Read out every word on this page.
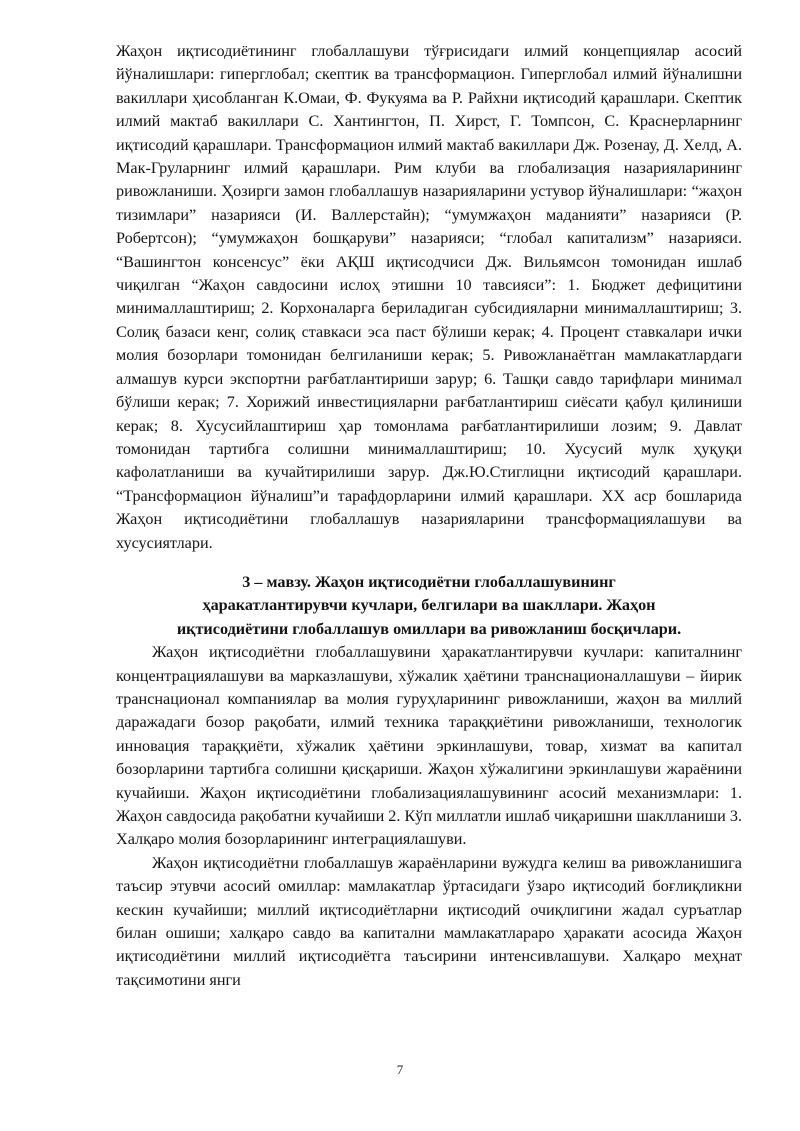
Жаҳон иқтисодиётининг глобаллашуви тўғрисидаги илмий концепциялар асосий йўналишлари: гиперглобал; скептик ва трансформацион. Гиперглобал илмий йўналишни вакиллари ҳисобланган К.Омаи, Ф. Фукуяма ва Р. Райхни иқтисодий қарашлари. Скептик илмий мактаб вакиллари С. Хантингтон, П. Хирст, Г. Томпсон, С. Краснерларнинг иқтисодий қарашлари. Трансформацион илмий мактаб вакиллари Дж. Розенау, Д. Хелд, А. Мак-Груларнинг илмий қарашлари. Рим клуби ва глобализация назарияларининг ривожланиши. Ҳозирги замон глобаллашув назарияларини устувор йўналишлари: “жаҳон тизимлари” назарияси (И. Валлерстайн); “умумжаҳон маданияти” назарияси (Р. Робертсон); “умумжаҳон бошқаруви” назарияси; “глобал капитализм” назарияси. “Вашингтон консенсус” ёки АҚШ иқтисодчиси Дж. Вильямсон томонидан ишлаб чиқилган “Жаҳон савдосини ислоҳ этишни 10 тавсияси”: 1. Бюджет дефицитини минималлаштириш; 2. Корхоналарга бериладиган субсидияларни минималлаштириш; 3. Солиқ базаси кенг, солиқ ставкаси эса паст бўлиши керак; 4. Процент ставкалари ички молия бозорлари томонидан белгиланиши керак; 5. Ривожланаётган мамлакатлардаги алмашув курси экспортни рағбатлантириши зарур; 6. Ташқи савдо тарифлари минимал бўлиши керак; 7. Хорижий инвестицияларни рағбатлантириш сиёсати қабул қилиниши керак; 8. Хусусийлаштириш ҳар томонлама рағбатлантирилиши лозим; 9. Давлат томонидан тартибга солишни минималлаштириш; 10. Хусусий мулк ҳуқуқи кафолатланиши ва кучайтирилиши зарур. Дж.Ю.Стиглицни иқтисодий қарашлари. “Трансформацион йўналиш”и тарафдорларини илмий қарашлари. XX аср бошларида Жаҳон иқтисодиётини глобаллашув назарияларини трансформациялашуви ва хусусиятлари.

3 – мавзу. Жаҳон иқтисодиётни глобаллашувининг
ҳаракатлантирувчи кучлари, белгилари ва шакллари. Жаҳон
иқтисодиётини глобаллашув омиллари ва ривожланиш босқичлари.

Жаҳон иқтисодиётни глобаллашувини ҳаракатлантирувчи кучлари: капиталнинг концентрациялашуви ва марказлашуви, хўжалик ҳаётини транснационаллашуви – йирик транснационал компаниялар ва молия гуруҳларининг ривожланиши, жаҳон ва миллий даражадаги бозор рақобати, илмий техника тараққиётини ривожланиши, технологик инновация тараққиёти, хўжалик ҳаётини эркинлашуви, товар, хизмат ва капитал бозорларини тартибга солишни қисқариши. Жаҳон хўжалигини эркинлашуви жараёнини кучайиши. Жаҳон иқтисодиётини глобализациялашувининг асосий механизмлари: 1. Жаҳон савдосида рақобатни кучайиши 2. Кўп миллатли ишлаб чиқаришни шаклланиши 3. Халқаро молия бозорларининг интеграциялашуви.

Жаҳон иқтисодиётни глобаллашув жараёнларини вужудга келиш ва ривожланишига таъсир этувчи асосий омиллар: мамлакатлар ўртасидаги ўзаро иқтисодий боғлиқликни кескин кучайиши; миллий иқтисодиётларни иқтисодий очиқлигини жадал суръатлар билан ошиши; халқаро савдо ва капитални мамлакатлараро ҳаракати асосида Жаҳон иқтисодиётини миллий иқтисодиётга таъсирини интенсивлашуви. Халқаро меҳнат тақсимотини янги

7
